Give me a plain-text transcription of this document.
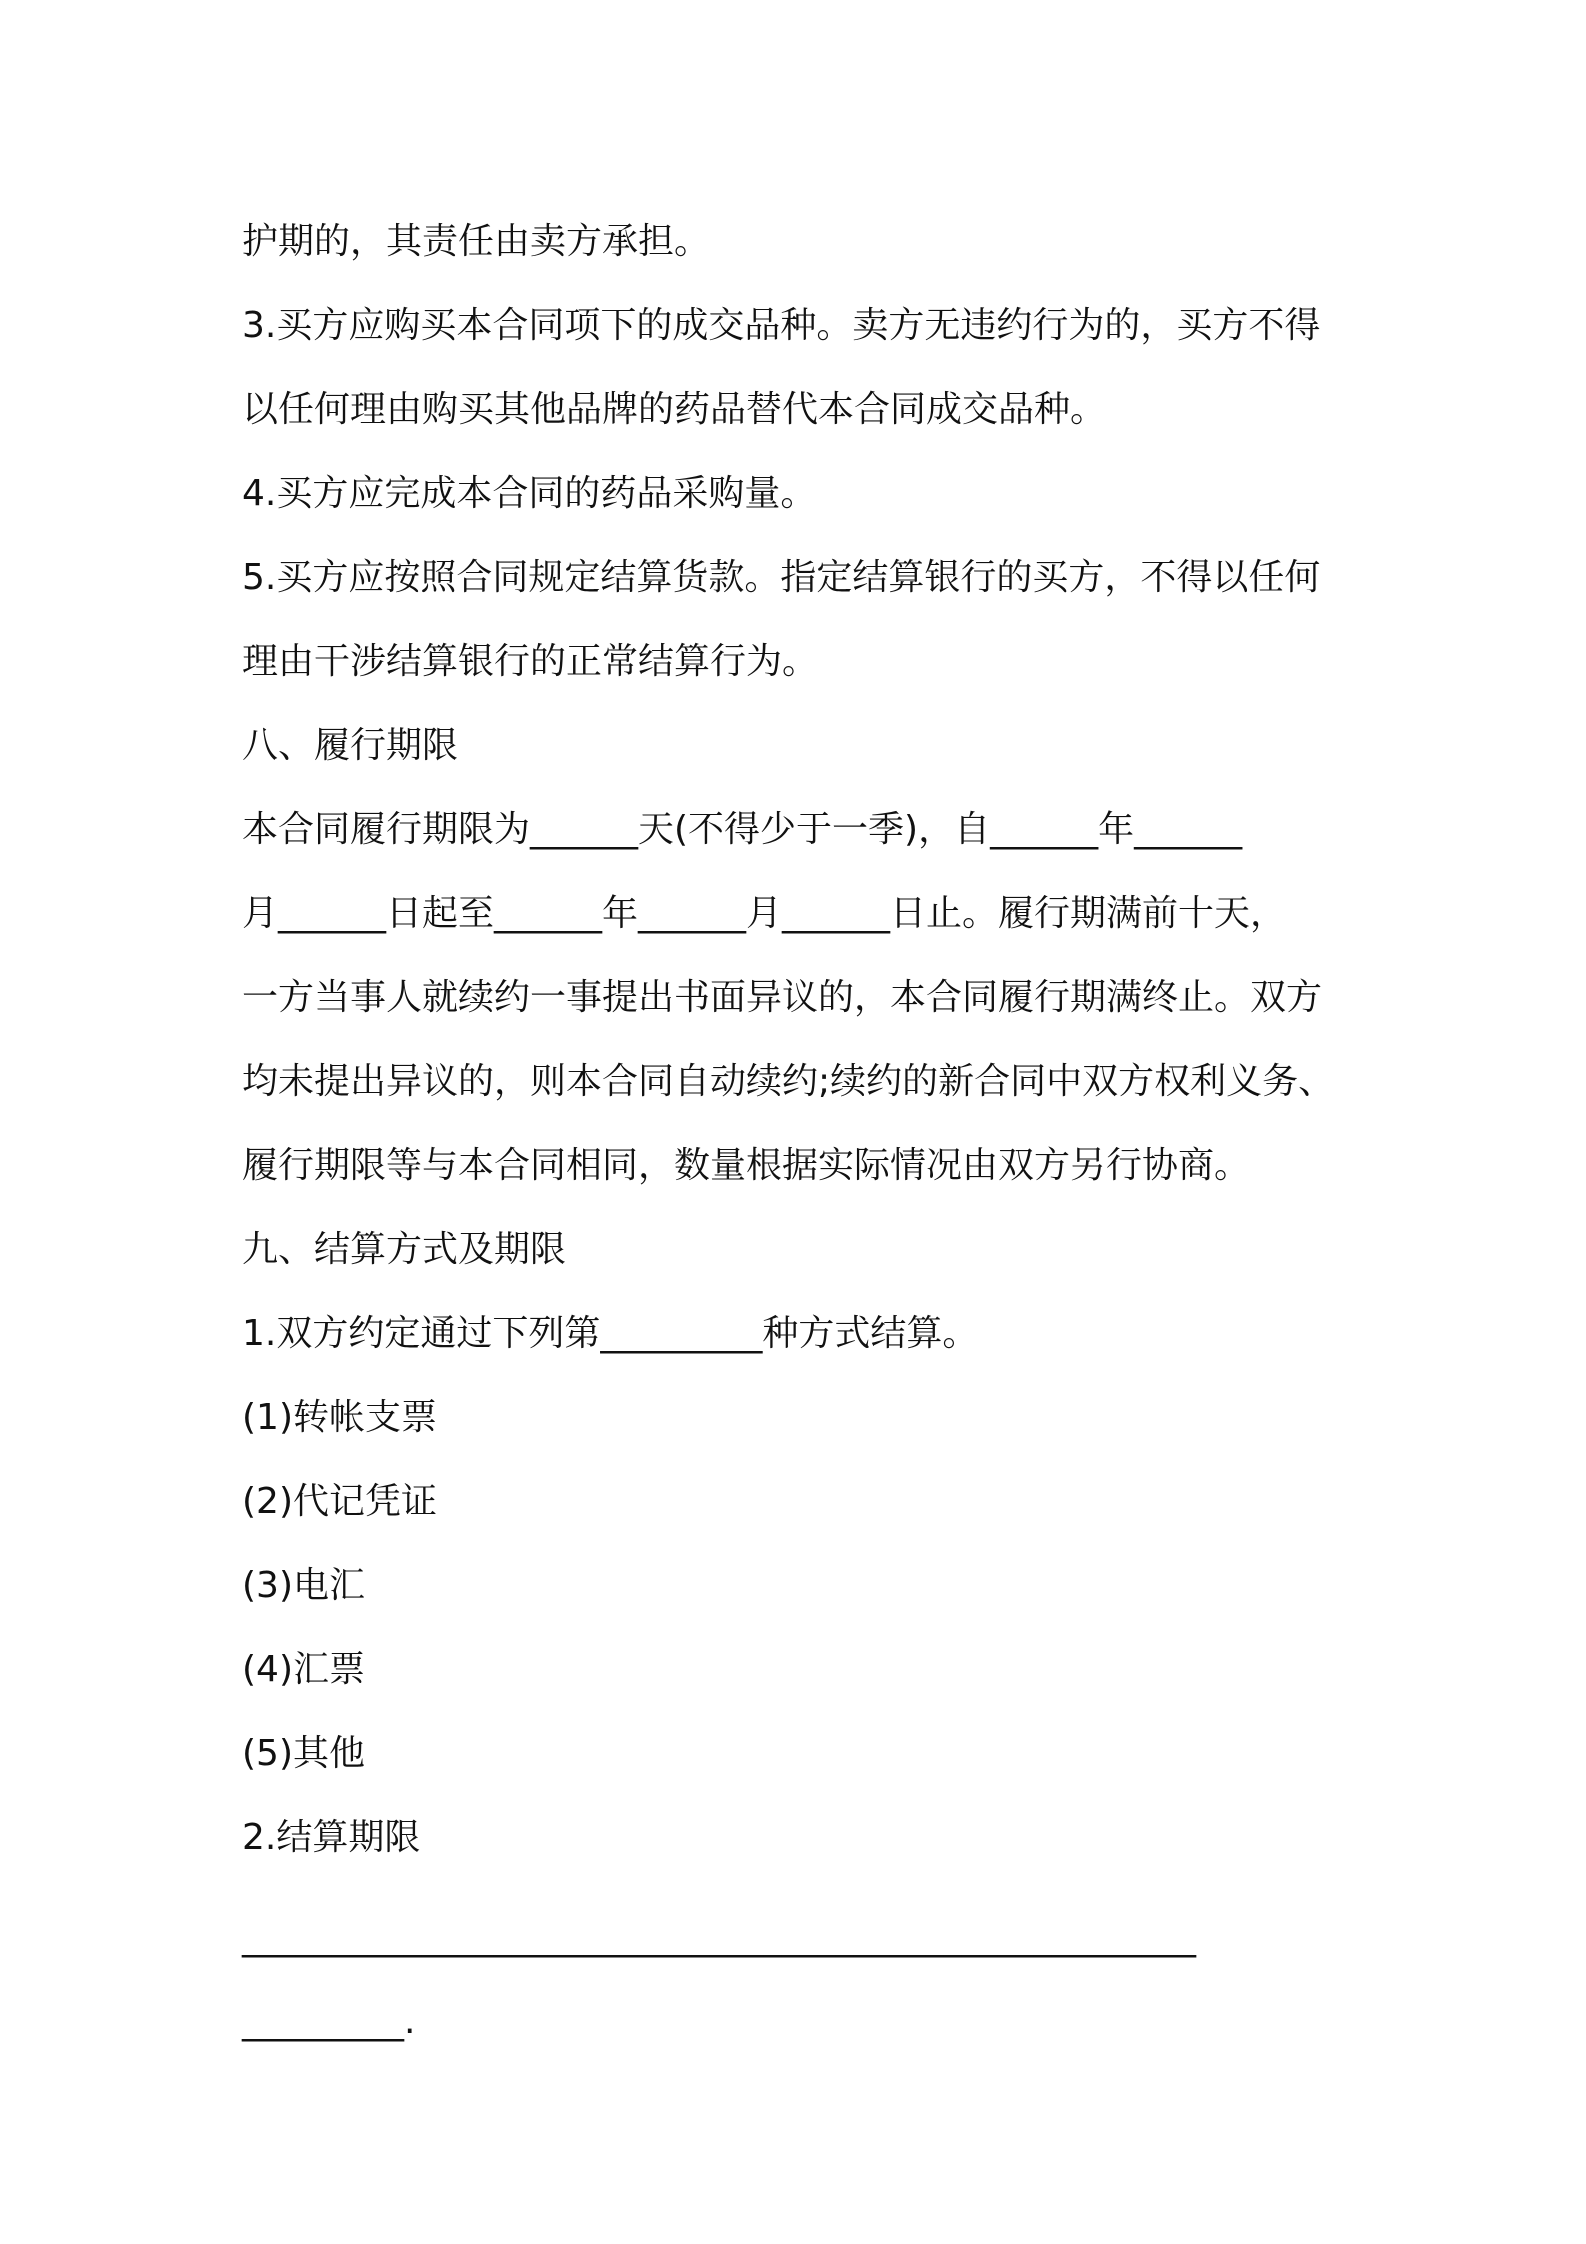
护期的，其责任由卖方承担。
3.买方应购买本合同项下的成交品种。卖方无违约行为的，买方不得
以任何理由购买其他品牌的药品替代本合同成交品种。
4.买方应完成本合同的药品采购量。
5.买方应按照合同规定结算货款。指定结算银行的买方，不得以任何
理由干涉结算银行的正常结算行为。
八、履行期限
本合同履行期限为______天(不得少于一季)，自______年______
月______日起至______年______月______日止。履行期满前十天，
一方当事人就续约一事提出书面异议的，本合同履行期满终止。双方
均未提出异议的，则本合同自动续约;续约的新合同中双方权利义务、
履行期限等与本合同相同，数量根据实际情况由双方另行协商。
九、结算方式及期限
1.双方约定通过下列第_________种方式结算。
(1)转帐支票
(2)代记凭证
(3)电汇
(4)汇票
(5)其他
2.结算期限
_____________________________________________________
_________.
